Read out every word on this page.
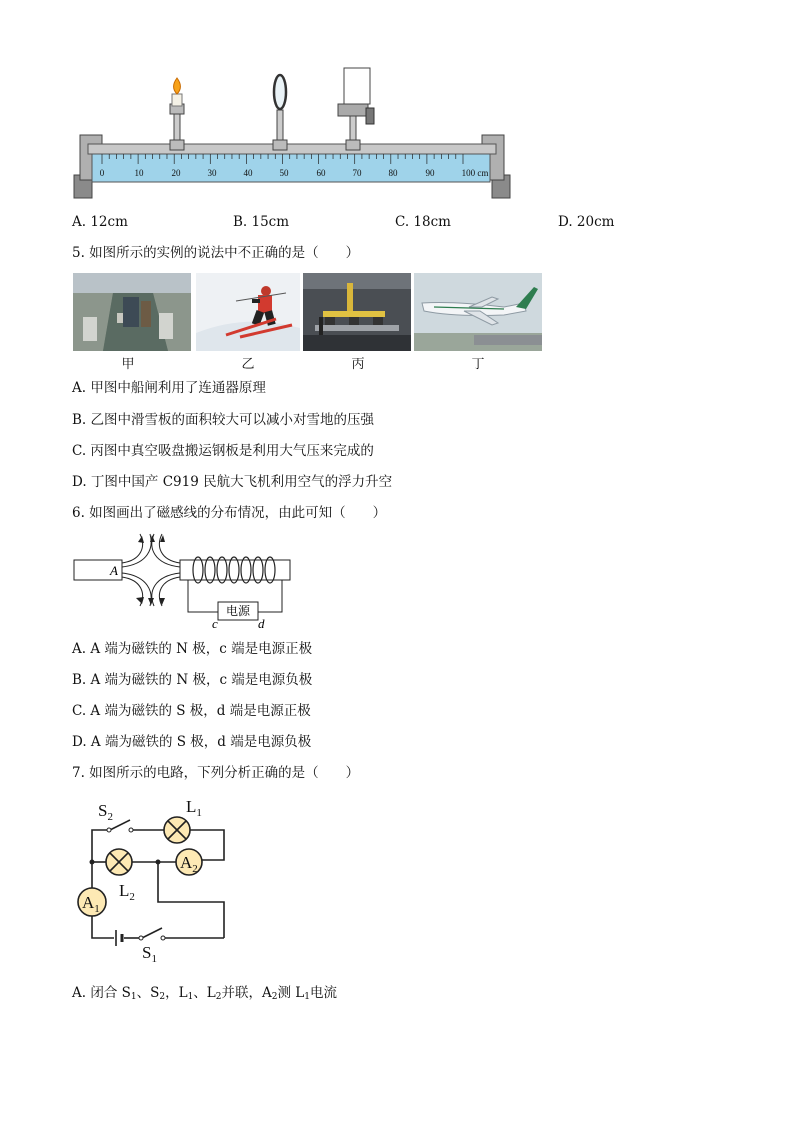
0	10	20	30	40	50	60	70	80	90	100 cm
A. 12cm	B. 15cm	C. 18cm	D. 20cm
5. 如图所示的实例的说法中不正确的是（　　）
甲	乙	丙	丁
A. 甲图中船闸利用了连通器原理
B. 乙图中滑雪板的面积较大可以减小对雪地的压强
C. 丙图中真空吸盘搬运钢板是利用大气压来完成的
D. 丁图中国产 C919 民航大飞机利用空气的浮力升空
6. 如图画出了磁感线的分布情况，由此可知（　　）
A
电源
c	d
A. A 端为磁铁的 N 极，c 端是电源正极
B. A 端为磁铁的 N 极，c 端是电源负极
C. A 端为磁铁的 S 极，d 端是电源正极
D. A 端为磁铁的 S 极，d 端是电源负极
7. 如图所示的电路，下列分析正确的是（　　）
$S_2$
$L_1$
$L_2$
$A_2$
$A_1$
$S_1$
A. 闭合 $S_1$、$S_2$，$L_1$、$L_2$并联，$A_2$测 $L_1$电流
